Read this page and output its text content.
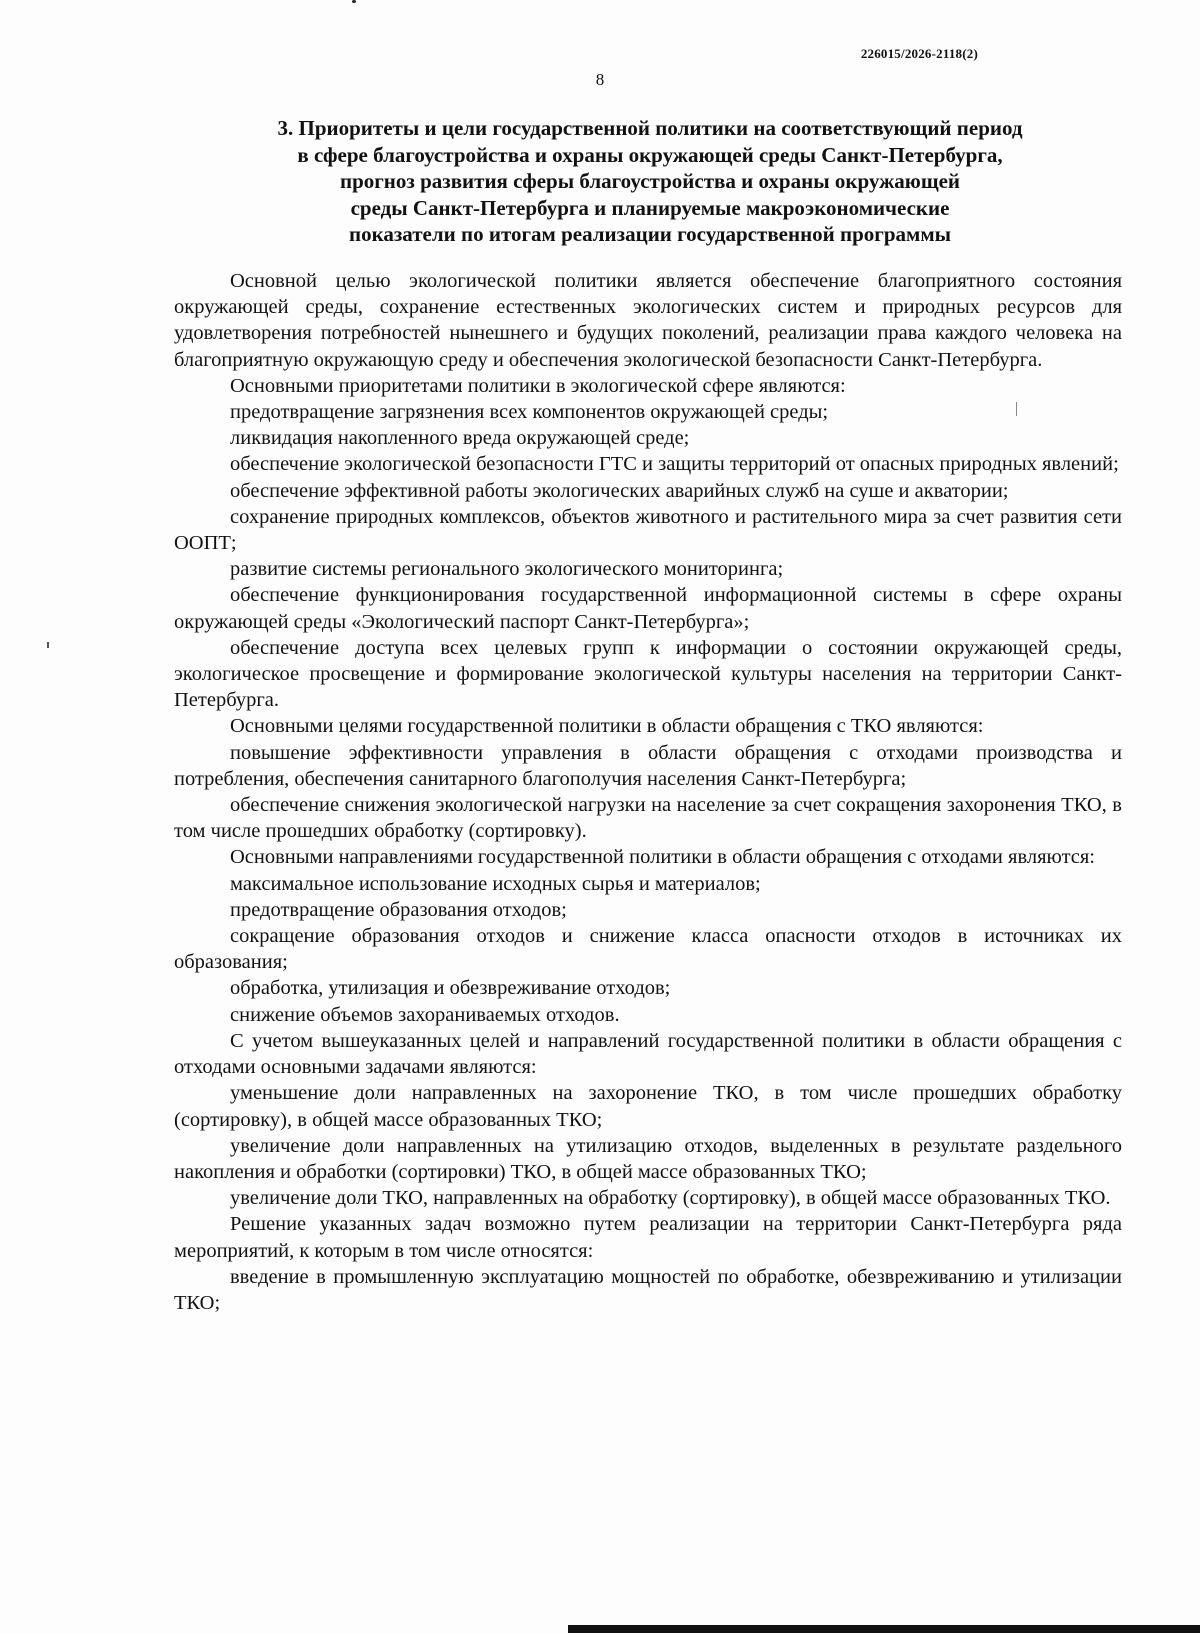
226015/2026-2118(2)
8
3. Приоритеты и цели государственной политики на соответствующий период
в сфере благоустройства и охраны окружающей среды Санкт-Петербурга,
прогноз развития сферы благоустройства и охраны окружающей
среды Санкт-Петербурга и планируемые макроэкономические
показатели по итогам реализации государственной программы

Основной целью экологической политики является обеспечение благоприятного состояния окружающей среды, сохранение естественных экологических систем и природных ресурсов для удовлетворения потребностей нынешнего и будущих поколений, реализации права каждого человека на благоприятную окружающую среду и обеспечения экологической безопасности Санкт-Петербурга.

Основными приоритетами политики в экологической сфере являются:

предотвращение загрязнения всех компонентов окружающей среды;

ликвидация накопленного вреда окружающей среде;

обеспечение экологической безопасности ГТС и защиты территорий от опасных природных явлений;

обеспечение эффективной работы экологических аварийных служб на суше и акватории;

сохранение природных комплексов, объектов животного и растительного мира за счет развития сети ООПТ;

развитие системы регионального экологического мониторинга;

обеспечение функционирования государственной информационной системы в сфере охраны окружающей среды «Экологический паспорт Санкт-Петербурга»;

обеспечение доступа всех целевых групп к информации о состоянии окружающей среды, экологическое просвещение и формирование экологической культуры населения на территории Санкт-Петербурга.

Основными целями государственной политики в области обращения с ТКО являются:

повышение эффективности управления в области обращения с отходами производства и потребления, обеспечения санитарного благополучия населения Санкт-Петербурга;

обеспечение снижения экологической нагрузки на население за счет сокращения захоронения ТКО, в том числе прошедших обработку (сортировку).

Основными направлениями государственной политики в области обращения с отходами являются:

максимальное использование исходных сырья и материалов;

предотвращение образования отходов;

сокращение образования отходов и снижение класса опасности отходов в источниках их образования;

обработка, утилизация и обезвреживание отходов;

снижение объемов захораниваемых отходов.

С учетом вышеуказанных целей и направлений государственной политики в области обращения с отходами основными задачами являются:

уменьшение доли направленных на захоронение ТКО, в том числе прошедших обработку (сортировку), в общей массе образованных ТКО;

увеличение доли направленных на утилизацию отходов, выделенных в результате раздельного накопления и обработки (сортировки) ТКО, в общей массе образованных ТКО;

увеличение доли ТКО, направленных на обработку (сортировку), в общей массе образованных ТКО.

Решение указанных задач возможно путем реализации на территории Санкт-Петербурга ряда мероприятий, к которым в том числе относятся:

введение в промышленную эксплуатацию мощностей по обработке, обезвреживанию и утилизации ТКО;
